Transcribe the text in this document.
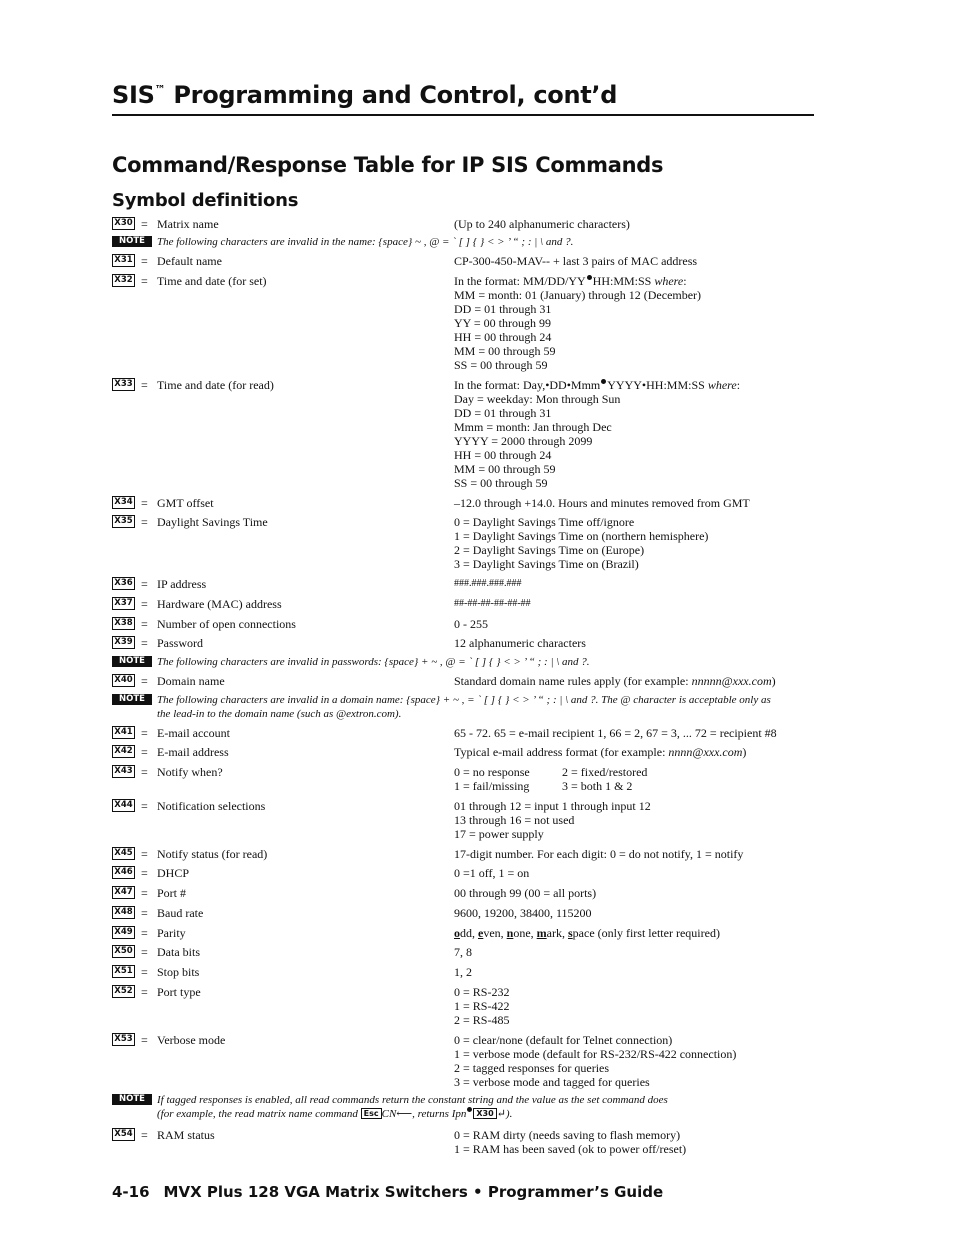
SIS™ Programming and Control, cont’d
Command/Response Table for IP SIS Commands
Symbol definitions
X30 = Matrix name	(Up to 240 alphanumeric characters)
NOTE	The following characters are invalid in the name: {space} ~ , @ = ` [ ] { } < > ’ “ ; : | \ and ?.
X31 = Default name	CP-300-450-MAV-- + last 3 pairs of MAC address
X32 = Time and date (for set)	In the format: MM/DD/YY HH:MM:SS where:
MM = month: 01 (January) through 12 (December)
DD = 01 through 31
YY = 00 through 99
HH = 00 through 24
MM = 00 through 59
SS = 00 through 59
X33 = Time and date (for read)	In the format: Day,•DD•Mmm YYYY•HH:MM:SS where:
Day = weekday: Mon through Sun
DD = 01 through 31
Mmm = month: Jan through Dec
YYYY = 2000 through 2099
HH = 00 through 24
MM = 00 through 59
SS = 00 through 59
X34 = GMT offset	–12.0 through +14.0. Hours and minutes removed from GMT
X35 = Daylight Savings Time	0 = Daylight Savings Time off/ignore
1 = Daylight Savings Time on (northern hemisphere)
2 = Daylight Savings Time on (Europe)
3 = Daylight Savings Time on (Brazil)
X36 = IP address	###.###.###.###
X37 = Hardware (MAC) address	##-##-##-##-##-##
X38 = Number of open connections	0 - 255
X39 = Password	12 alphanumeric characters
NOTE	The following characters are invalid in passwords: {space} + ~ , @ = ` [ ] { } < > ’ “ ; : | \ and ?.
X40 = Domain name	Standard domain name rules apply (for example: nnnnn@xxx.com)
NOTE	The following characters are invalid in a domain name: {space} + ~ , = ` [ ] { } < > ’ “ ; : | \ and ?. The @ character is acceptable only as
the lead-in to the domain name (such as @extron.com).
X41 = E-mail account	65 - 72. 65 = e-mail recipient 1, 66 = 2, 67 = 3, ... 72 = recipient #8
X42 = E-mail address	Typical e-mail address format (for example: nnnn@xxx.com)
X43 = Notify when?	0 = no response	2 = fixed/restored
1 = fail/missing	3 = both 1 & 2
X44 = Notification selections	01 through 12 = input 1 through input 12
13 through 16 = not used
17 = power supply
X45 = Notify status (for read)	17-digit number. For each digit: 0 = do not notify, 1 = notify
X46 = DHCP	0 =1 off, 1 = on
X47 = Port #	00 through 99 (00 = all ports)
X48 = Baud rate	9600, 19200, 38400, 115200
X49 = Parity	odd, even, none, mark, space (only first letter required)
X50 = Data bits	7, 8
X51 = Stop bits	1, 2
X52 = Port type	0 = RS-232
1 = RS-422
2 = RS-485
X53 = Verbose mode	0 = clear/none (default for Telnet connection)
1 = verbose mode (default for RS-232/RS-422 connection)
2 = tagged responses for queries
3 = verbose mode and tagged for queries
NOTE	If tagged responses is enabled, all read commands return the constant string and the value as the set command does
(for example, the read matrix name command Esc CN⟵, returns Ipn X30 ↵).
X54 = RAM status	0 = RAM dirty (needs saving to flash memory)
1 = RAM has been saved (ok to power off/reset)
4-16 MVX Plus 128 VGA Matrix Switchers • Programmer’s Guide
